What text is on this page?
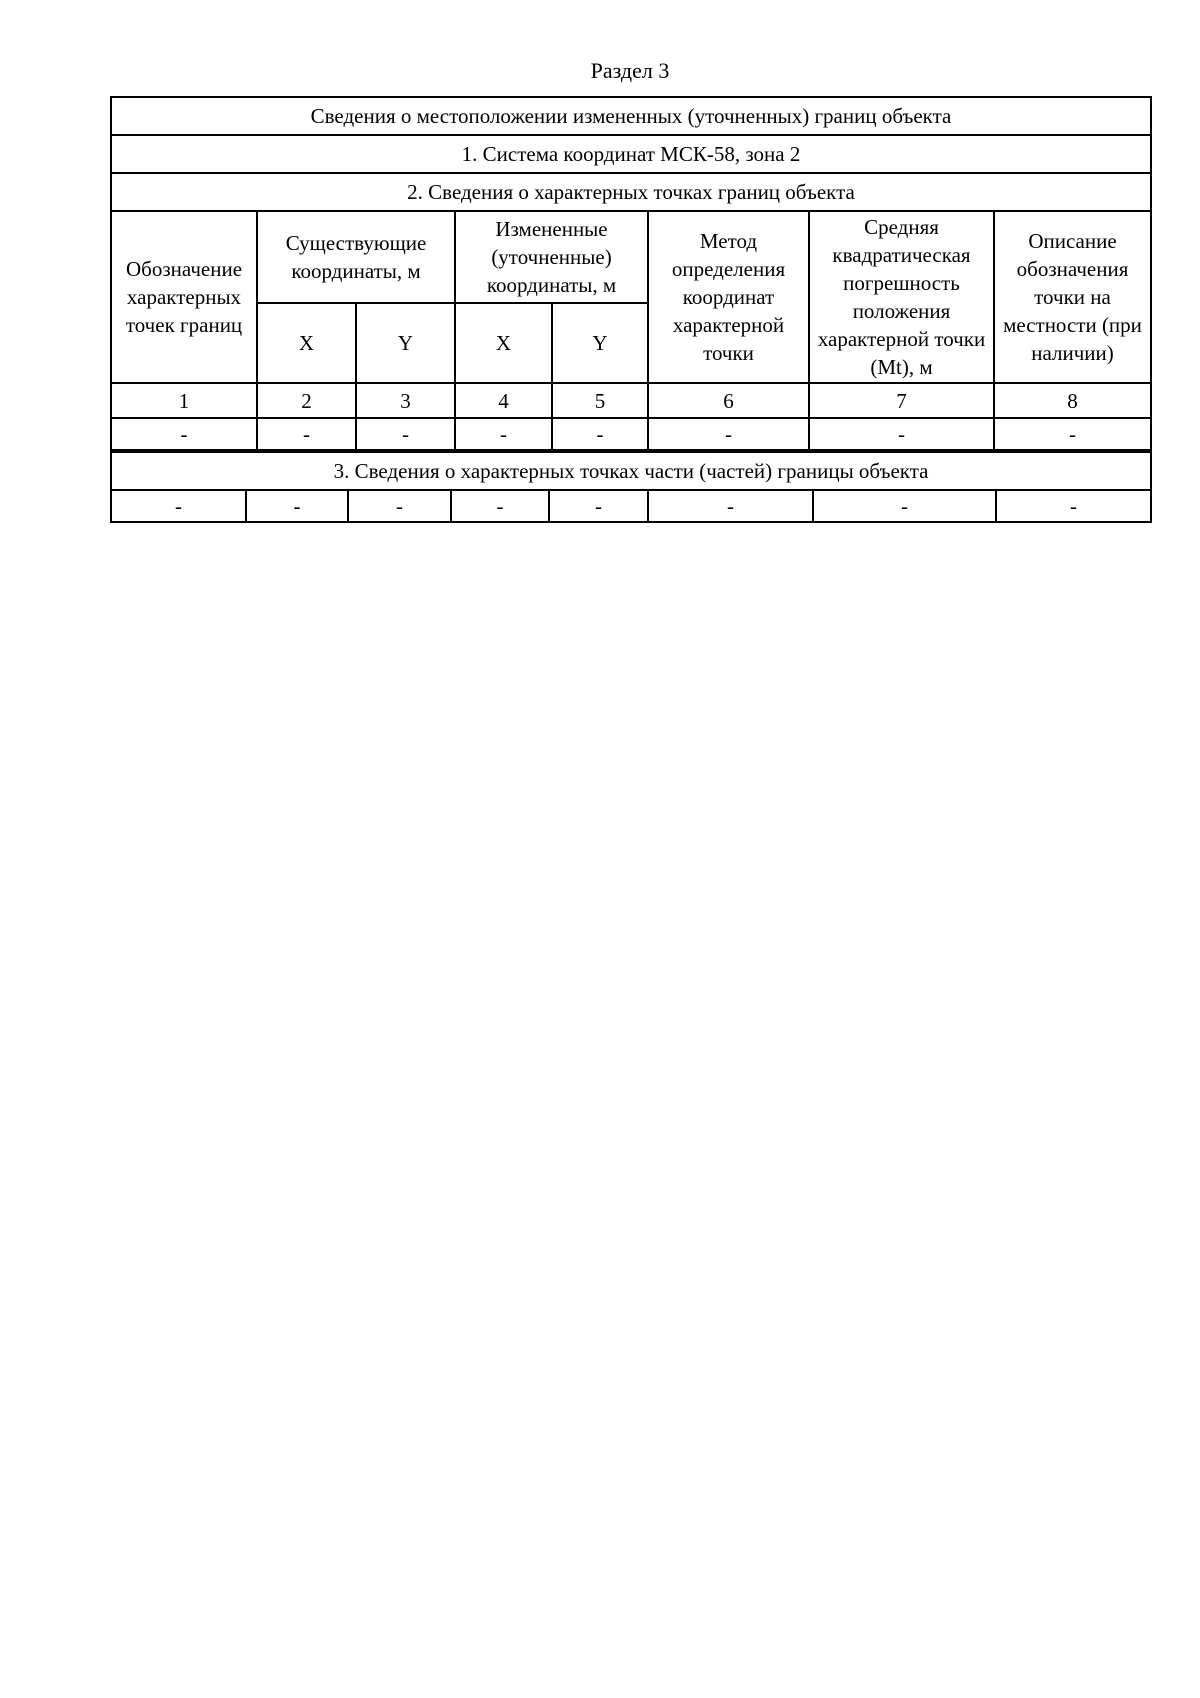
Раздел 3
Сведения о местоположении измененных (уточненных) границ объекта							
1. Система координат МСК-58, зона 2							
2. Сведения о характерных точках границ объекта							
Обозначение характерных точек границ	Существующие координаты, м		Измененные (уточненные) координаты, м		Метод определения координат характерной точки	Средняя квадратическая погрешность положения характерной точки (Mt), м	Описание обозначения точки на местности (при наличии)
	X	Y	X	Y			
1	2	3	4	5	6	7	8
-	-	-	-	-	-	-	-
3. Сведения о характерных точках части (частей) границы объекта
-	-	-	-	-	-	-	-
